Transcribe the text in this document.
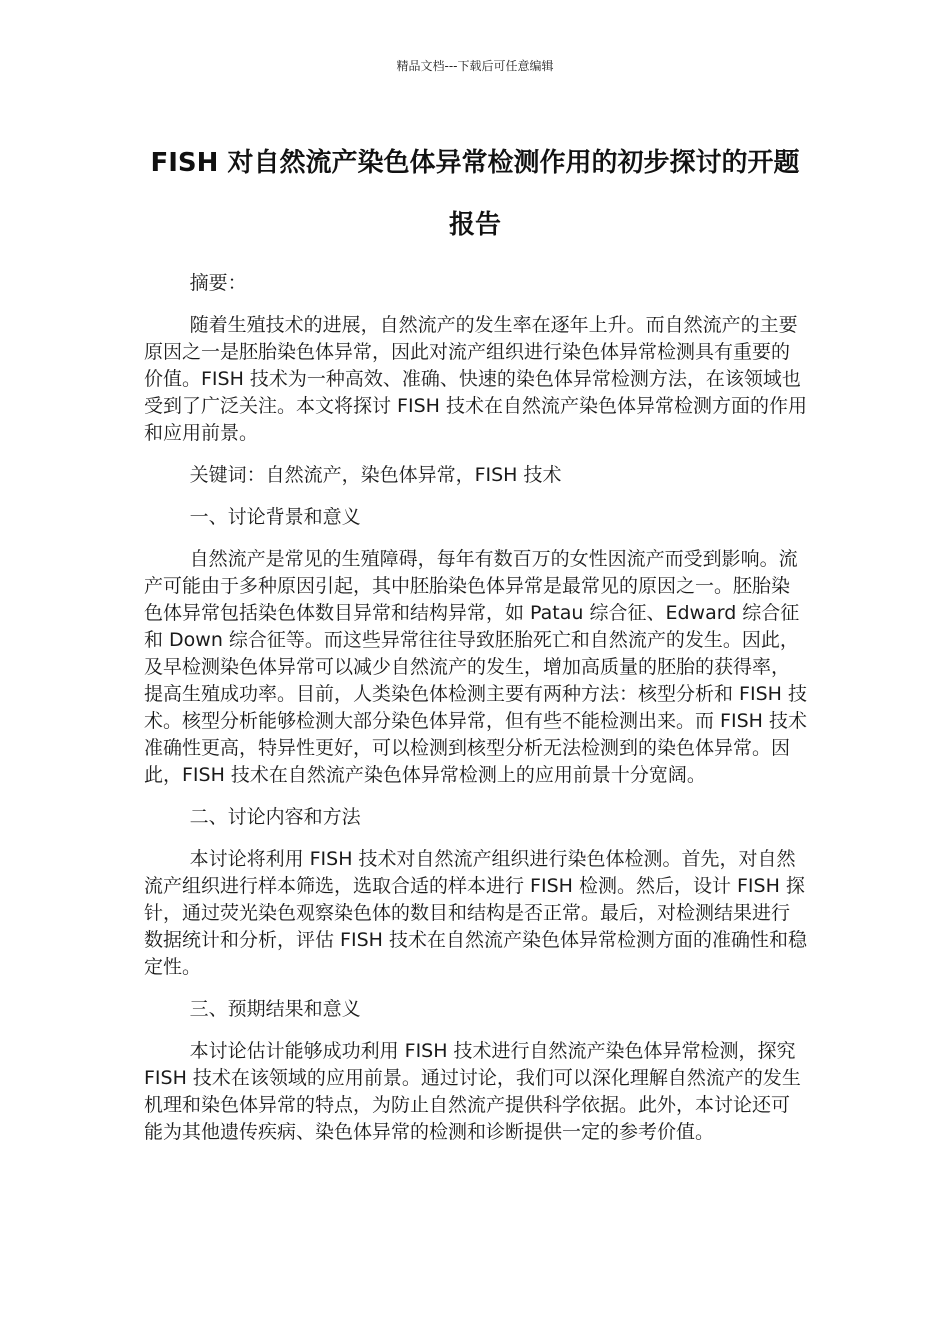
精品文档---下载后可任意编辑
FISH 对自然流产染色体异常检测作用的初步探讨的开题报告

摘要：

随着生殖技术的进展，自然流产的发生率在逐年上升。而自然流产的主要原因之一是胚胎染色体异常，因此对流产组织进行染色体异常检测具有重要的价值。FISH 技术为一种高效、准确、快速的染色体异常检测方法，在该领域也受到了广泛关注。本文将探讨 FISH 技术在自然流产染色体异常检测方面的作用和应用前景。

关键词：自然流产，染色体异常，FISH 技术

一、讨论背景和意义

自然流产是常见的生殖障碍，每年有数百万的女性因流产而受到影响。流产可能由于多种原因引起，其中胚胎染色体异常是最常见的原因之一。胚胎染色体异常包括染色体数目异常和结构异常，如 Patau 综合征、Edward 综合征和 Down 综合征等。而这些异常往往导致胚胎死亡和自然流产的发生。因此，及早检测染色体异常可以减少自然流产的发生，增加高质量的胚胎的获得率，提高生殖成功率。目前，人类染色体检测主要有两种方法：核型分析和 FISH 技术。核型分析能够检测大部分染色体异常，但有些不能检测出来。而 FISH 技术准确性更高，特异性更好，可以检测到核型分析无法检测到的染色体异常。因此，FISH 技术在自然流产染色体异常检测上的应用前景十分宽阔。

二、讨论内容和方法

本讨论将利用 FISH 技术对自然流产组织进行染色体检测。首先，对自然流产组织进行样本筛选，选取合适的样本进行 FISH 检测。然后，设计 FISH 探针，通过荧光染色观察染色体的数目和结构是否正常。最后，对检测结果进行数据统计和分析，评估 FISH 技术在自然流产染色体异常检测方面的准确性和稳定性。

三、预期结果和意义

本讨论估计能够成功利用 FISH 技术进行自然流产染色体异常检测，探究 FISH 技术在该领域的应用前景。通过讨论，我们可以深化理解自然流产的发生机理和染色体异常的特点，为防止自然流产提供科学依据。此外，本讨论还可能为其他遗传疾病、染色体异常的检测和诊断提供一定的参考价值。
